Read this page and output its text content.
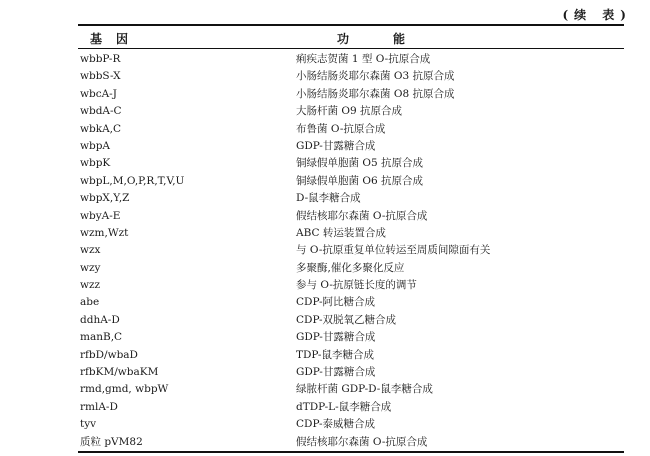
(续 表)
基因	功能
wbbP-R	痢疾志贺菌 1 型 O-抗原合成
wbbS-X	小肠结肠炎耶尔森菌 O3 抗原合成
wbcA-J	小肠结肠炎耶尔森菌 O8 抗原合成
wbdA-C	大肠杆菌 O9 抗原合成
wbkA,C	布鲁菌 O-抗原合成
wbpA	GDP-甘露糖合成
wbpK	铜绿假单胞菌 O5 抗原合成
wbpL,M,O,P,R,T,V,U	铜绿假单胞菌 O6 抗原合成
wbpX,Y,Z	D-鼠李糖合成
wbyA-E	假结核耶尔森菌 O-抗原合成
wzm,Wzt	ABC 转运装置合成
wzx	与 O-抗原重复单位转运至周质间隙面有关
wzy	多聚酶,催化多聚化反应
wzz	参与 O-抗原链长度的调节
abe	CDP-阿比糖合成
ddhA-D	CDP-双脱氧乙糖合成
manB,C	GDP-甘露糖合成
rfbD/wbaD	TDP-鼠李糖合成
rfbKM/wbaKM	GDP-甘露糖合成
rmd,gmd, wbpW	绿脓杆菌 GDP-D-鼠李糖合成
rmlA-D	dTDP-L-鼠李糖合成
tyv	CDP-泰威糖合成
质粒 pVM82	假结核耶尔森菌 O-抗原合成
